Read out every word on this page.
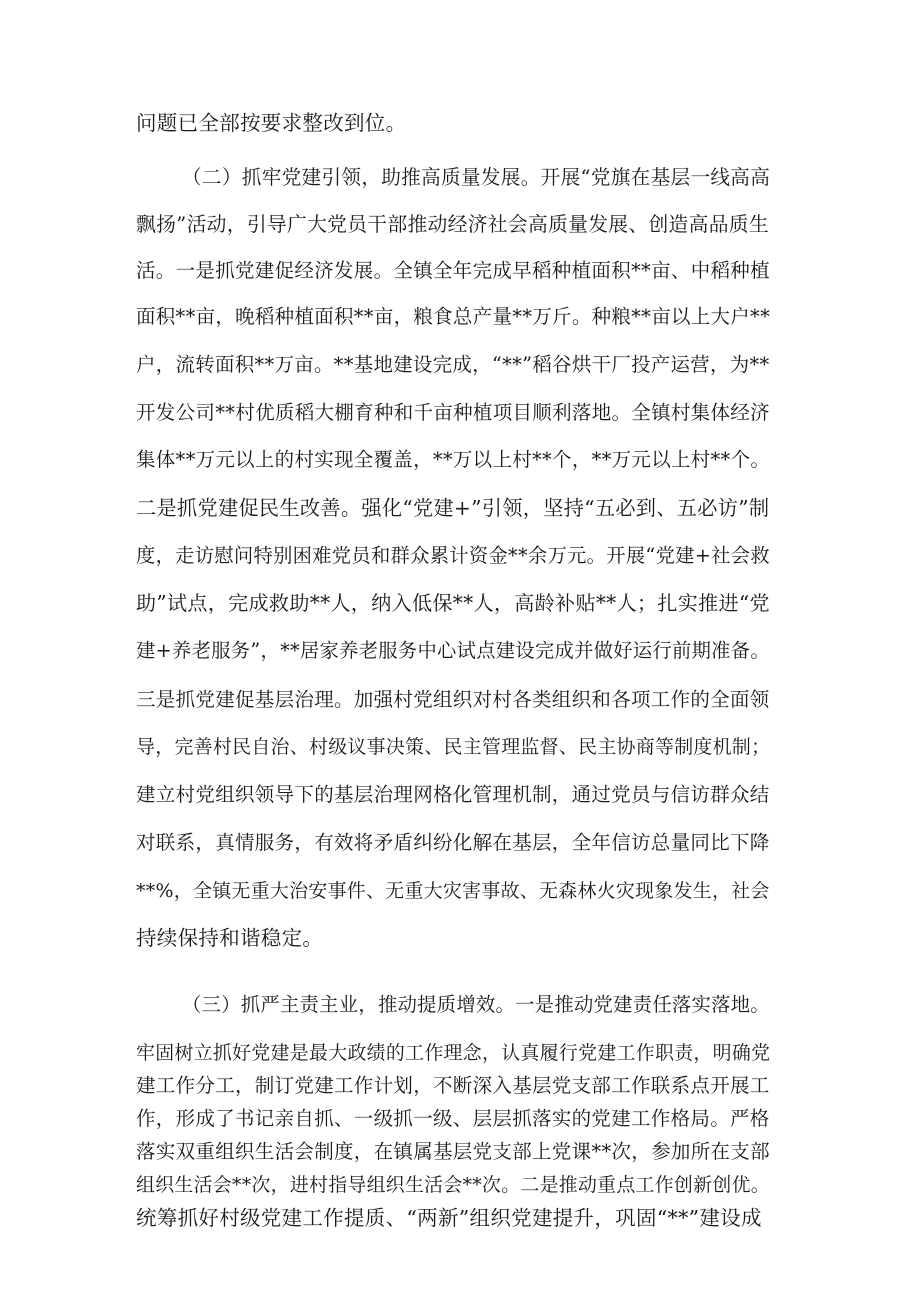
问题已全部按要求整改到位。
（二）抓牢党建引领，助推高质量发展。开展“党旗在基层一线高高
飘扬”活动，引导广大党员干部推动经济社会高质量发展、创造高品质生
活。一是抓党建促经济发展。全镇全年完成早稻种植面积**亩、中稻种植
面积**亩，晚稻种植面积**亩，粮食总产量**万斤。种粮**亩以上大户**
户，流转面积**万亩。**基地建设完成，“**”稻谷烘干厂投产运营，为**
开发公司**村优质稻大棚育种和千亩种植项目顺利落地。全镇村集体经济
集体**万元以上的村实现全覆盖，**万以上村**个，**万元以上村**个。
二是抓党建促民生改善。强化“党建+”引领，坚持“五必到、五必访”制
度，走访慰问特别困难党员和群众累计资金**余万元。开展“党建+社会救
助”试点，完成救助**人，纳入低保**人，高龄补贴**人；扎实推进“党
建+养老服务”，**居家养老服务中心试点建设完成并做好运行前期准备。
三是抓党建促基层治理。加强村党组织对村各类组织和各项工作的全面领
导，完善村民自治、村级议事决策、民主管理监督、民主协商等制度机制；
建立村党组织领导下的基层治理网格化管理机制，通过党员与信访群众结
对联系，真情服务，有效将矛盾纠纷化解在基层，全年信访总量同比下降
**%，全镇无重大治安事件、无重大灾害事故、无森林火灾现象发生，社会
持续保持和谐稳定。
（三）抓严主责主业，推动提质增效。一是推动党建责任落实落地。
牢固树立抓好党建是最大政绩的工作理念，认真履行党建工作职责，明确党
建工作分工，制订党建工作计划，不断深入基层党支部工作联系点开展工
作，形成了书记亲自抓、一级抓一级、层层抓落实的党建工作格局。严格
落实双重组织生活会制度，在镇属基层党支部上党课**次，参加所在支部
组织生活会**次，进村指导组织生活会**次。二是推动重点工作创新创优。
统筹抓好村级党建工作提质、“两新”组织党建提升，巩固“**”建设成
